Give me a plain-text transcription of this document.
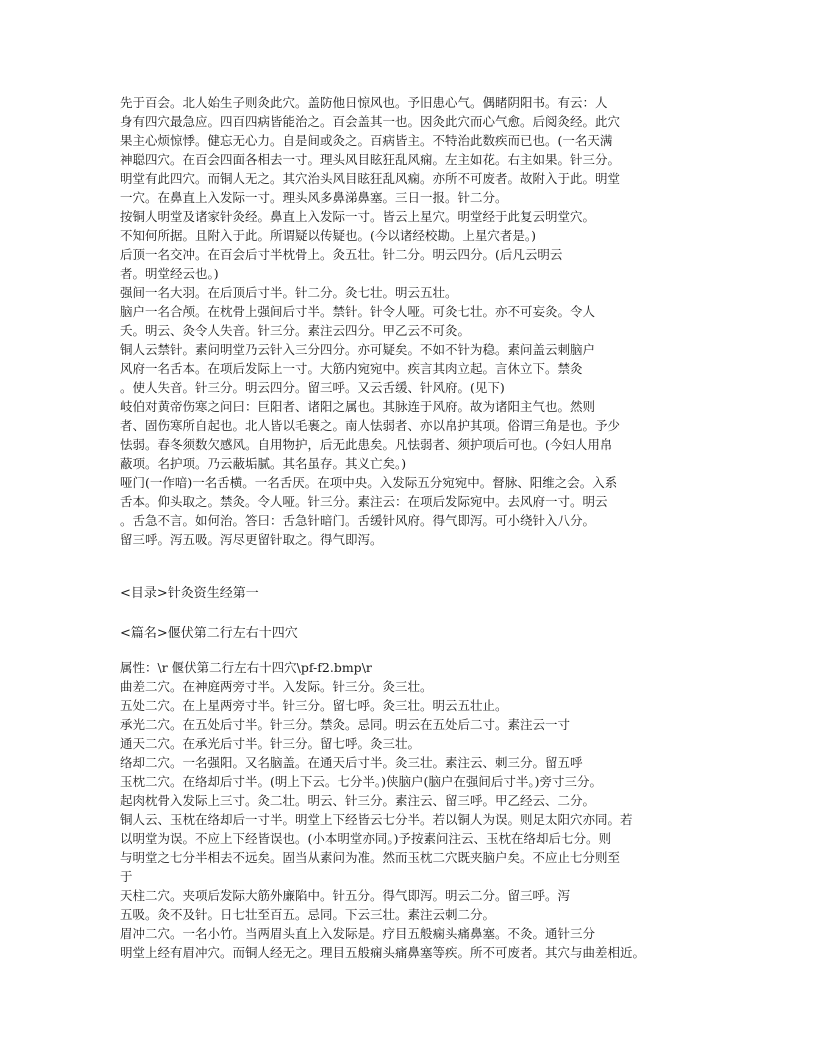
先于百会。北人始生子则灸此穴。盖防他日惊风也。予旧患心气。偶睹阴阳书。有云：人
身有四穴最急应。四百四病皆能治之。百会盖其一也。因灸此穴而心气愈。后阅灸经。此穴
果主心烦惊悸。健忘无心力。自是间或灸之。百病皆主。不特治此数疾而已也。(一名天满
神聪四穴。在百会四面各相去一寸。理头风目眩狂乱风痫。左主如花。右主如果。针三分。
明堂有此四穴。而铜人无之。其穴治头风目眩狂乱风痫。亦所不可废者。故附入于此。明堂
一穴。在鼻直上入发际一寸。理头风多鼻涕鼻塞。三日一报。针二分。
按铜人明堂及诸家针灸经。鼻直上入发际一寸。皆云上星穴。明堂经于此复云明堂穴。
不知何所据。且附入于此。所谓疑以传疑也。(今以诸经校勘。上星穴者是。)
后顶一名交冲。在百会后寸半枕骨上。灸五壮。针二分。明云四分。(后凡云明云
者。明堂经云也。)
强间一名大羽。在后顶后寸半。针二分。灸七壮。明云五壮。
脑户一名合颅。在枕骨上强间后寸半。禁针。针令人哑。可灸七壮。亦不可妄灸。令人
夭。明云、灸令人失音。针三分。素注云四分。甲乙云不可灸。
铜人云禁针。素问明堂乃云针入三分四分。亦可疑矣。不如不针为稳。素问盖云刺脑户
风府一名舌本。在项后发际上一寸。大筋内宛宛中。疾言其肉立起。言休立下。禁灸
。使人失音。针三分。明云四分。留三呼。又云舌缓、针风府。(见下)
岐伯对黄帝伤寒之问曰：巨阳者、诸阳之属也。其脉连于风府。故为诸阳主气也。然则
者、固伤寒所自起也。北人皆以毛裹之。南人怯弱者、亦以帛护其项。俗谓三角是也。予少
怯弱。春冬须数欠感风。自用物护，后无此患矣。凡怯弱者、须护项后可也。(今妇人用帛
蔽项。名护项。乃云蔽垢腻。其名虽存。其义亡矣。)
哑门(一作喑)一名舌横。一名舌厌。在项中央。入发际五分宛宛中。督脉、阳维之会。入系
舌本。仰头取之。禁灸。令人哑。针三分。素注云：在项后发际宛中。去风府一寸。明云
。舌急不言。如何治。答曰：舌急针暗门。舌缓针风府。得气即泻。可小绕针入八分。
留三呼。泻五吸。泻尽更留针取之。得气即泻。
<目录>针灸资生经第一
<篇名>偃伏第二行左右十四穴
属性：\r 偃伏第二行左右十四穴\pf-f2.bmp\r
曲差二穴。在神庭两旁寸半。入发际。针三分。灸三壮。
五处二穴。在上星两旁寸半。针三分。留七呼。灸三壮。明云五壮止。
承光二穴。在五处后寸半。针三分。禁灸。忌同。明云在五处后二寸。素注云一寸
通天二穴。在承光后寸半。针三分。留七呼。灸三壮。
络却二穴。一名强阳。又名脑盖。在通天后寸半。灸三壮。素注云、刺三分。留五呼
玉枕二穴。在络却后寸半。(明上下云。七分半。)侠脑户(脑户在强间后寸半。)旁寸三分。
起肉枕骨入发际上三寸。灸二壮。明云、针三分。素注云、留三呼。甲乙经云、二分。
铜人云、玉枕在络却后一寸半。明堂上下经皆云七分半。若以铜人为误。则足太阳穴亦同。若
以明堂为误。不应上下经皆误也。(小本明堂亦同。)予按素问注云、玉枕在络却后七分。则
与明堂之七分半相去不远矣。固当从素问为准。然而玉枕二穴既夹脑户矣。不应止七分则至
于
天柱二穴。夹项后发际大筋外廉陷中。针五分。得气即泻。明云二分。留三呼。泻
五吸。灸不及针。日七壮至百五。忌同。下云三壮。素注云刺二分。
眉冲二穴。一名小竹。当两眉头直上入发际是。疗目五般痫头痛鼻塞。不灸。通针三分
明堂上经有眉冲穴。而铜人经无之。理目五般痫头痛鼻塞等疾。所不可废者。其穴与曲差相近。
